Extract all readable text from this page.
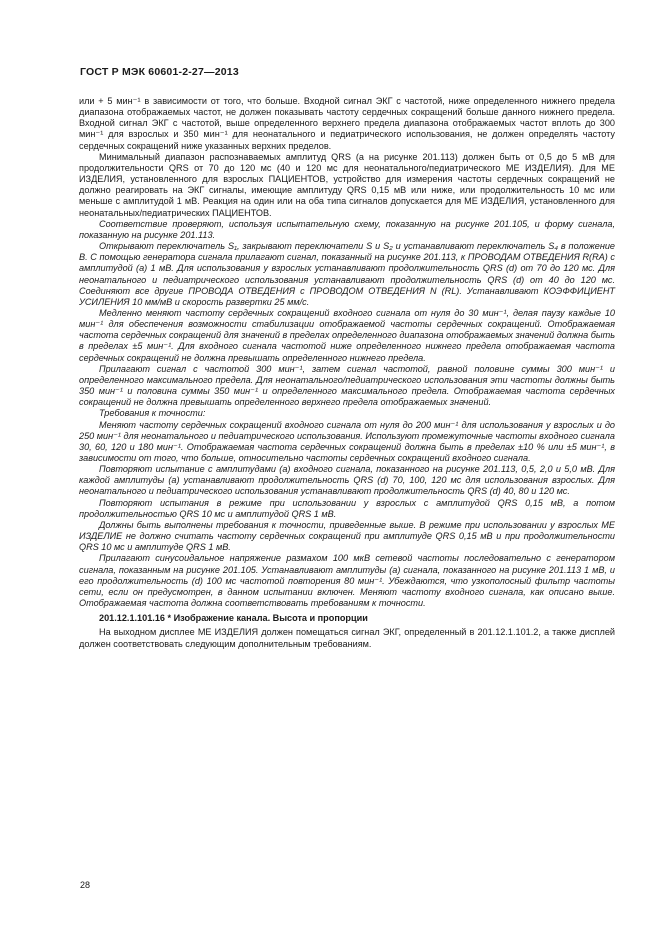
ГОСТ Р МЭК 60601-2-27—2013

или + 5 мин⁻¹ в зависимости от того, что больше. Входной сигнал ЭКГ с частотой, ниже определенного нижнего предела диапазона отображаемых частот, не должен показывать частоту сердечных сокращений больше данного нижнего предела. Входной сигнал ЭКГ с частотой, выше определенного верхнего предела диапазона отображаемых частот вплоть до 300 мин⁻¹ для взрослых и 350 мин⁻¹ для неонатального и педиатрического использования, не должен определять частоту сердечных сокращений ниже указанных верхних пределов.

Минимальный диапазон распознаваемых амплитуд QRS (a на рисунке 201.113) должен быть от 0,5 до 5 мВ для продолжительности QRS от 70 до 120 мс (40 и 120 мс для неонатального/педиатрического МЕ ИЗДЕЛИЯ). Для МЕ ИЗДЕЛИЯ, установленного для взрослых ПАЦИЕНТОВ, устройство для измерения частоты сердечных сокращений не должно реагировать на ЭКГ сигналы, имеющие амплитуду QRS 0,15 мВ или ниже, или продолжительность 10 мс или меньше с амплитудой 1 мВ. Реакция на один или на оба типа сигналов допускается для МЕ ИЗДЕЛИЯ, установленного для неонатальных/педиатрических ПАЦИЕНТОВ.

Соответствие проверяют, используя испытательную схему, показанную на рисунке 201.105, и форму сигнала, показанную на рисунке 201.113.

Открывают переключатель S₁, закрывают переключатели S и S₂ и устанавливают переключатель S₄ в положение B. С помощью генератора сигнала прилагают сигнал, показанный на рисунке 201.113, к ПРОВОДАМ ОТВЕДЕНИЯ R(RA) с амплитудой (a) 1 мВ. Для использования у взрослых устанавливают продолжительность QRS (d) от 70 до 120 мс. Для неонатального и педиатрического использования устанавливают продолжительность QRS (d) от 40 до 120 мс. Соединяют все другие ПРОВОДА ОТВЕДЕНИЯ с ПРОВОДОМ ОТВЕДЕНИЯ N (RL). Устанавливают КОЭФФИЦИЕНТ УСИЛЕНИЯ 10 мм/мВ и скорость развертки 25 мм/с.

Медленно меняют частоту сердечных сокращений входного сигнала от нуля до 30 мин⁻¹, делая паузу каждые 10 мин⁻¹ для обеспечения возможности стабилизации отображаемой частоты сердечных сокращений. Отображаемая частота сердечных сокращений для значений в пределах определенного диапазона отображаемых значений должна быть в пределах ±5 мин⁻¹. Для входного сигнала частотой ниже определенного нижнего предела отображаемая частота сердечных сокращений не должна превышать определенного нижнего предела.

Прилагают сигнал с частотой 300 мин⁻¹, затем сигнал частотой, равной половине суммы 300 мин⁻¹ и определенного максимального предела. Для неонатального/педиатрического использования эти частоты должны быть 350 мин⁻¹ и половина суммы 350 мин⁻¹ и определенного максимального предела. Отображаемая частота сердечных сокращений не должна превышать определенного верхнего предела отображаемых значений.

Требования к точности:

Меняют частоту сердечных сокращений входного сигнала от нуля до 200 мин⁻¹ для использования у взрослых и до 250 мин⁻¹ для неонатального и педиатрического использования. Используют промежуточные частоты входного сигнала 30, 60, 120 и 180 мин⁻¹. Отображаемая частота сердечных сокращений должна быть в пределах ±10 % или ±5 мин⁻¹, в зависимости от того, что больше, относительно частоты сердечных сокращений входного сигнала.

Повторяют испытание с амплитудами (a) входного сигнала, показанного на рисунке 201.113, 0,5, 2,0 и 5,0 мВ. Для каждой амплитуды (a) устанавливают продолжительность QRS (d) 70, 100, 120 мс для использования взрослых. Для неонатального и педиатрического использования устанавливают продолжительность QRS (d) 40, 80 и 120 мс.

Повторяют испытания в режиме при использовании у взрослых с амплитудой QRS 0,15 мВ, а потом продолжительностью QRS 10 мс и амплитудой QRS 1 мВ.

Должны быть выполнены требования к точности, приведенные выше. В режиме при использовании у взрослых МЕ ИЗДЕЛИЕ не должно считать частоту сердечных сокращений при амплитуде QRS 0,15 мВ и при продолжительности QRS 10 мс и амплитуде QRS 1 мВ.

Прилагают синусоидальное напряжение размахом 100 мкВ сетевой частоты последовательно с генератором сигнала, показанным на рисунке 201.105. Устанавливают амплитуды (a) сигнала, показанного на рисунке 201.113 1 мВ, и его продолжительность (d) 100 мс частотой повторения 80 мин⁻¹. Убеждаются, что узкополосный фильтр частоты сети, если он предусмотрен, в данном испытании включен. Меняют частоту входного сигнала, как описано выше. Отображаемая частота должна соответствовать требованиям к точности.

201.12.1.101.16 * Изображение канала. Высота и пропорции

На выходном дисплее МЕ ИЗДЕЛИЯ должен помещаться сигнал ЭКГ, определенный в 201.12.1.101.2, а также дисплей должен соответствовать следующим дополнительным требованиям.

28
